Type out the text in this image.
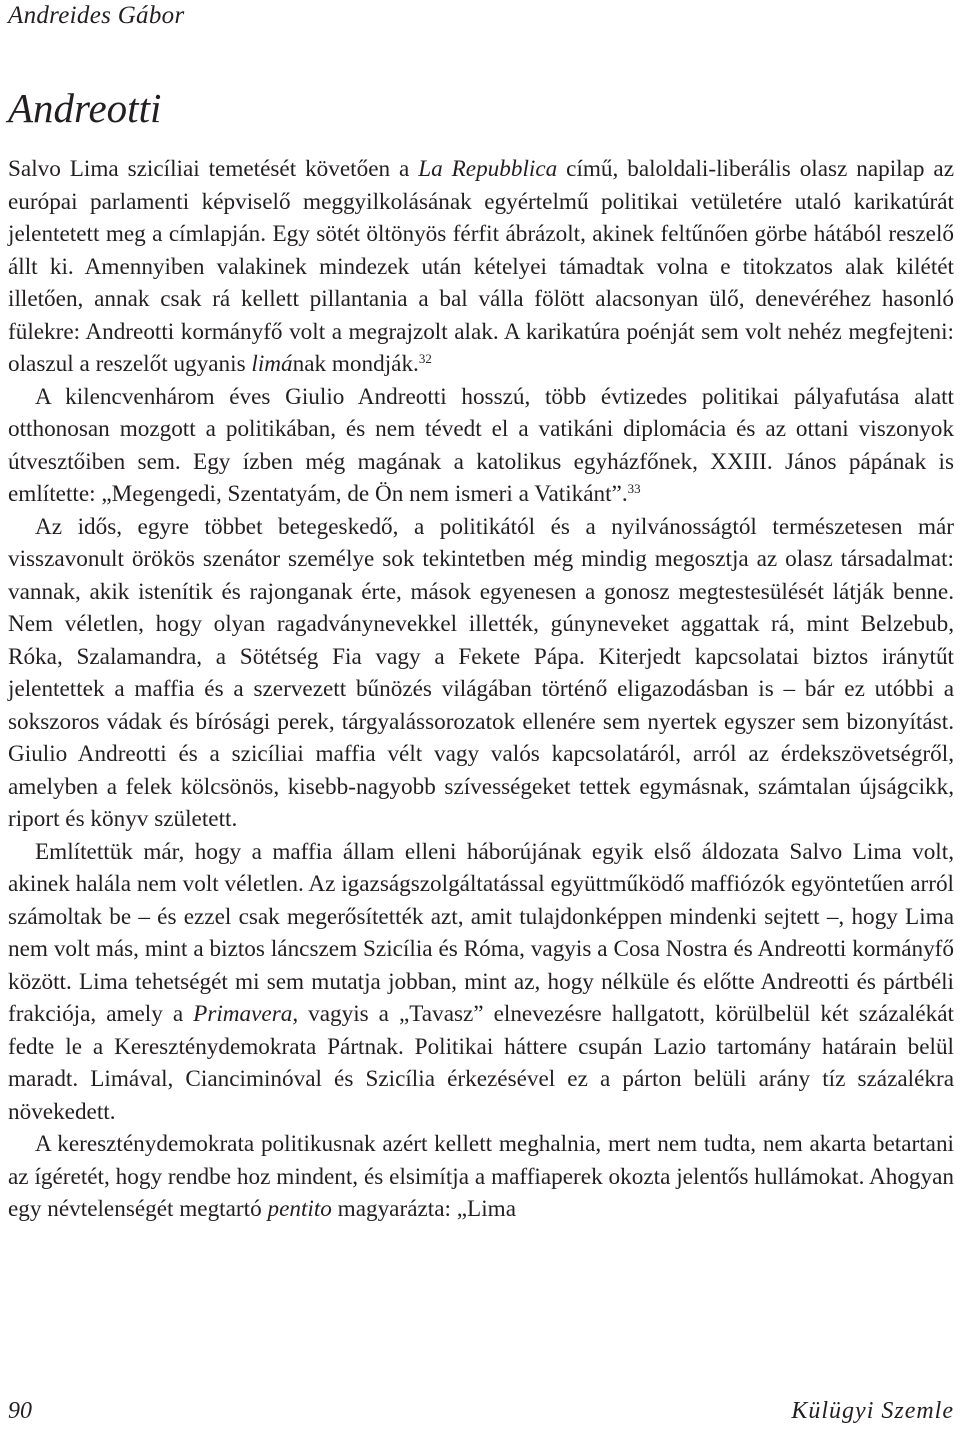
Andreides Gábor
Andreotti

Salvo Lima szicíliai temetését követően a La Repubblica című, baloldali-liberális olasz napilap az európai parlamenti képviselő meggyilkolásának egyértelmű politikai vetületére utaló karikatúrát jelentetett meg a címlapján. Egy sötét öltönyös férfit ábrázolt, akinek feltűnően görbe hátából reszelő állt ki. Amennyiben valakinek mindezek után kételyei támadtak volna e titokzatos alak kilétét illetően, annak csak rá kellett pillantania a bal válla fölött alacsonyan ülő, denevéréhez hasonló fülekre: Andreotti kormányfő volt a megrajzolt alak. A karikatúra poénját sem volt nehéz megfejteni: olaszul a reszelőt ugyanis limának mondják.$^{32}$

A kilencvenhárom éves Giulio Andreotti hosszú, több évtizedes politikai pályafutása alatt otthonosan mozgott a politikában, és nem tévedt el a vatikáni diplomácia és az ottani viszonyok útvesztőiben sem. Egy ízben még magának a katolikus egyházfőnek, XXIII. János pápának is említette: „Megengedi, Szentatyám, de Ön nem ismeri a Vatikánt”.$^{33}$

Az idős, egyre többet betegeskedő, a politikától és a nyilvánosságtól természetesen már visszavonult örökös szenátor személye sok tekintetben még mindig megosztja az olasz társadalmat: vannak, akik istenítik és rajonganak érte, mások egyenesen a gonosz megtestesülését látják benne. Nem véletlen, hogy olyan ragadványnevekkel illették, gúnyneveket aggattak rá, mint Belzebub, Róka, Szalamandra, a Sötétség Fia vagy a Fekete Pápa. Kiterjedt kapcsolatai biztos iránytűt jelentettek a maffia és a szervezett bűnözés világában történő eligazodásban is – bár ez utóbbi a sokszoros vádak és bírósági perek, tárgyalássorozatok ellenére sem nyertek egyszer sem bizonyítást. Giulio Andreotti és a szicíliai maffia vélt vagy valós kapcsolatáról, arról az érdekszövetségről, amelyben a felek kölcsönös, kisebb-nagyobb szívességeket tettek egymásnak, számtalan újságcikk, riport és könyv született.

Említettük már, hogy a maffia állam elleni háborújának egyik első áldozata Salvo Lima volt, akinek halála nem volt véletlen. Az igazságszolgáltatással együttműködő maffiózók egyöntetűen arról számoltak be – és ezzel csak megerősítették azt, amit tulajdonképpen mindenki sejtett –, hogy Lima nem volt más, mint a biztos láncszem Szicília és Róma, vagyis a Cosa Nostra és Andreotti kormányfő között. Lima tehetségét mi sem mutatja jobban, mint az, hogy nélküle és előtte Andreotti és pártbéli frakciója, amely a Primavera, vagyis a „Tavasz” elnevezésre hallgatott, körülbelül két százalékát fedte le a Kereszténydemokrata Pártnak. Politikai háttere csupán Lazio tartomány határain belül maradt. Limával, Cianciminóval és Szicília érkezésével ez a párton belüli arány tíz százalékra növekedett.

A kereszténydemokrata politikusnak azért kellett meghalnia, mert nem tudta, nem akarta betartani az ígéretét, hogy rendbe hoz mindent, és elsimítja a maffiaperek okozta jelentős hullámokat. Ahogyan egy névtelenségét megtartó pentito magyarázta: „Lima

90	Külügyi Szemle
